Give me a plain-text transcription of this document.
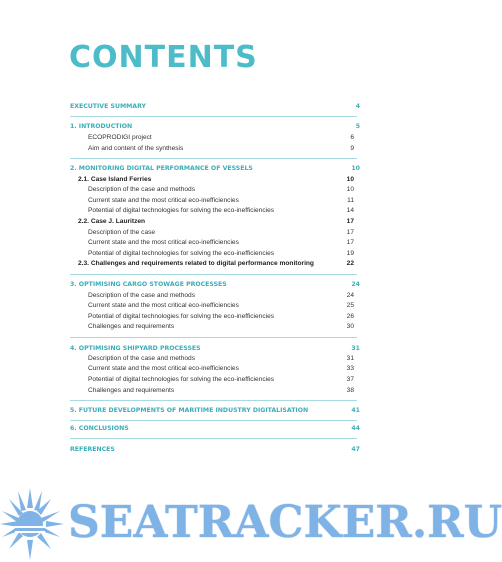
CONTENTS
EXECUTIVE SUMMARY	4
1. INTRODUCTION	5
ECOPRODIGI project	6
Aim and content of the synthesis	9
2. MONITORING DIGITAL PERFORMANCE OF VESSELS	10
2.1. Case Island Ferries	10
Description of the case and methods	10
Current state and the most critical eco-inefficiencies	11
Potential of digital technologies for solving the eco-inefficiencies	14
2.2. Case J. Lauritzen	17
Description of the case	17
Current state and the most critical eco-inefficiencies	17
Potential of digital technologies for solving the eco-inefficiencies	19
2.3. Challenges and requirements related to digital performance monitoring	22
3. OPTIMISING CARGO STOWAGE PROCESSES	24
Description of the case and methods	24
Current state and the most critical eco-inefficiencies	25
Potential of digital technologies for solving the eco-inefficiencies	26
Challenges and requirements	30
4. OPTIMISING SHIPYARD PROCESSES	31
Description of the case and methods	31
Current state and the most critical eco-inefficiencies	33
Potential of digital technologies for solving the eco-inefficiencies	37
Challenges and requirements	38
5. FUTURE DEVELOPMENTS OF MARITIME INDUSTRY DIGITALISATION	41
6. CONCLUSIONS	44
REFERENCES	47
SEATRACKER.RU
